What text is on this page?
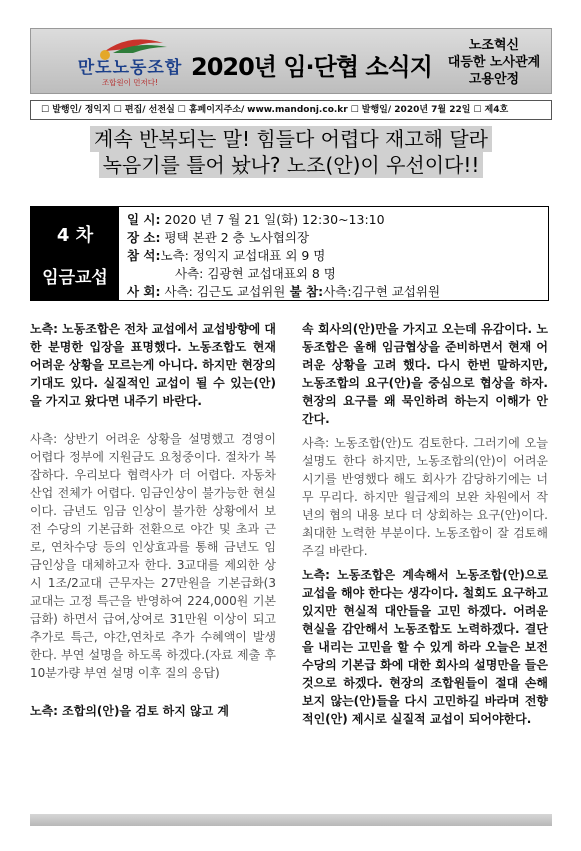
만도노동조합
조합원이 먼저다!
2020년 임·단협 소식지
노조혁신
대등한 노사관계
고용안정
☐ 발행인/ 정익지 ☐ 편집/ 선전실 ☐ 홈페이지주소/ www.mandonj.co.kr ☐ 발행일/ 2020년 7월 22일 ☐ 제4호
계속 반복되는 말! 힘들다 어렵다 재고해 달라
녹음기를 틀어 놨나? 노조(안)이 우선이다!!
4 차
임금교섭
일 시: 2020 년 7 월 21 일(화) 12:30~13:10
장 소: 평택 본관 2 층 노사협의장
참 석:노측: 정익지 교섭대표 외 9 명
사측: 김광현 교섭대표외 8 명
사 회: 사측: 김근도 교섭위원 불 참:사측:김구현 교섭위원
노측: 노동조합은 전차 교섭에서 교섭방향에 대한 분명한 입장을 표명했다. 노동조합도 현재 어려운 상황을 모르는게 아니다. 하지만 현장의 기대도 있다. 실질적인 교섭이 될 수 있는(안)을 가지고 왔다면 내주기 바란다.
사측: 상반기 어려운 상황을 설명했고 경영이 어렵다 정부에 지원금도 요청중이다. 절차가 복잡하다. 우리보다 협력사가 더 어렵다. 자동차 산업 전체가 어렵다. 임금인상이 불가능한 현실이다. 금년도 임금 인상이 불가한 상황에서 보전 수당의 기본급화 전환으로 야간 및 초과 근로, 연차수당 등의 인상효과를 통해 금년도 임금인상을 대체하고자 한다. 3교대를 제외한 상시 1조/2교대 근무자는 27만원을 기본급화(3교대는 고정 특근을 반영하여 224,000원 기본 급화) 하면서 급여,상여로 31만원 이상이 되고 추가로 특근, 야간,연차로 추가 수혜액이 발생한다. 부연 설명을 하도록 하겠다.(자료 제출 후 10분가량 부연 설명 이후 질의 응답)
노측: 조합의(안)을 검토 하지 않고 계
속 회사의(안)만을 가지고 오는데 유감이다. 노동조합은 올해 임금협상을 준비하면서 현재 어려운 상황을 고려 했다. 다시 한번 말하지만, 노동조합의 요구(안)을 중심으로 협상을 하자. 현장의 요구를 왜 묵인하려 하는지 이해가 안 간다.
사측: 노동조합(안)도 검토한다. 그러기에 오늘 설명도 한다 하지만, 노동조합의(안)이 어려운 시기를 반영했다 해도 회사가 감당하기에는 너무 무리다. 하지만 월급제의 보완 차원에서 작년의 협의 내용 보다 더 상회하는 요구(안)이다. 최대한 노력한 부분이다. 노동조합이 잘 검토해 주길 바란다.
노측: 노동조합은 계속해서 노동조합(안)으로 교섭을 해야 한다는 생각이다. 철회도 요구하고 있지만 현실적 대안들을 고민 하겠다. 어려운 현실을 감안해서 노동조합도 노력하겠다. 결단을 내리는 고민을 할 수 있게 하라 오늘은 보전 수당의 기본급 화에 대한 회사의 설명만을 들은 것으로 하겠다. 현장의 조합원들이 절대 손해 보지 않는(안)들을 다시 고민하길 바라며 전향적인(안) 제시로 실질적 교섭이 되어야한다.
